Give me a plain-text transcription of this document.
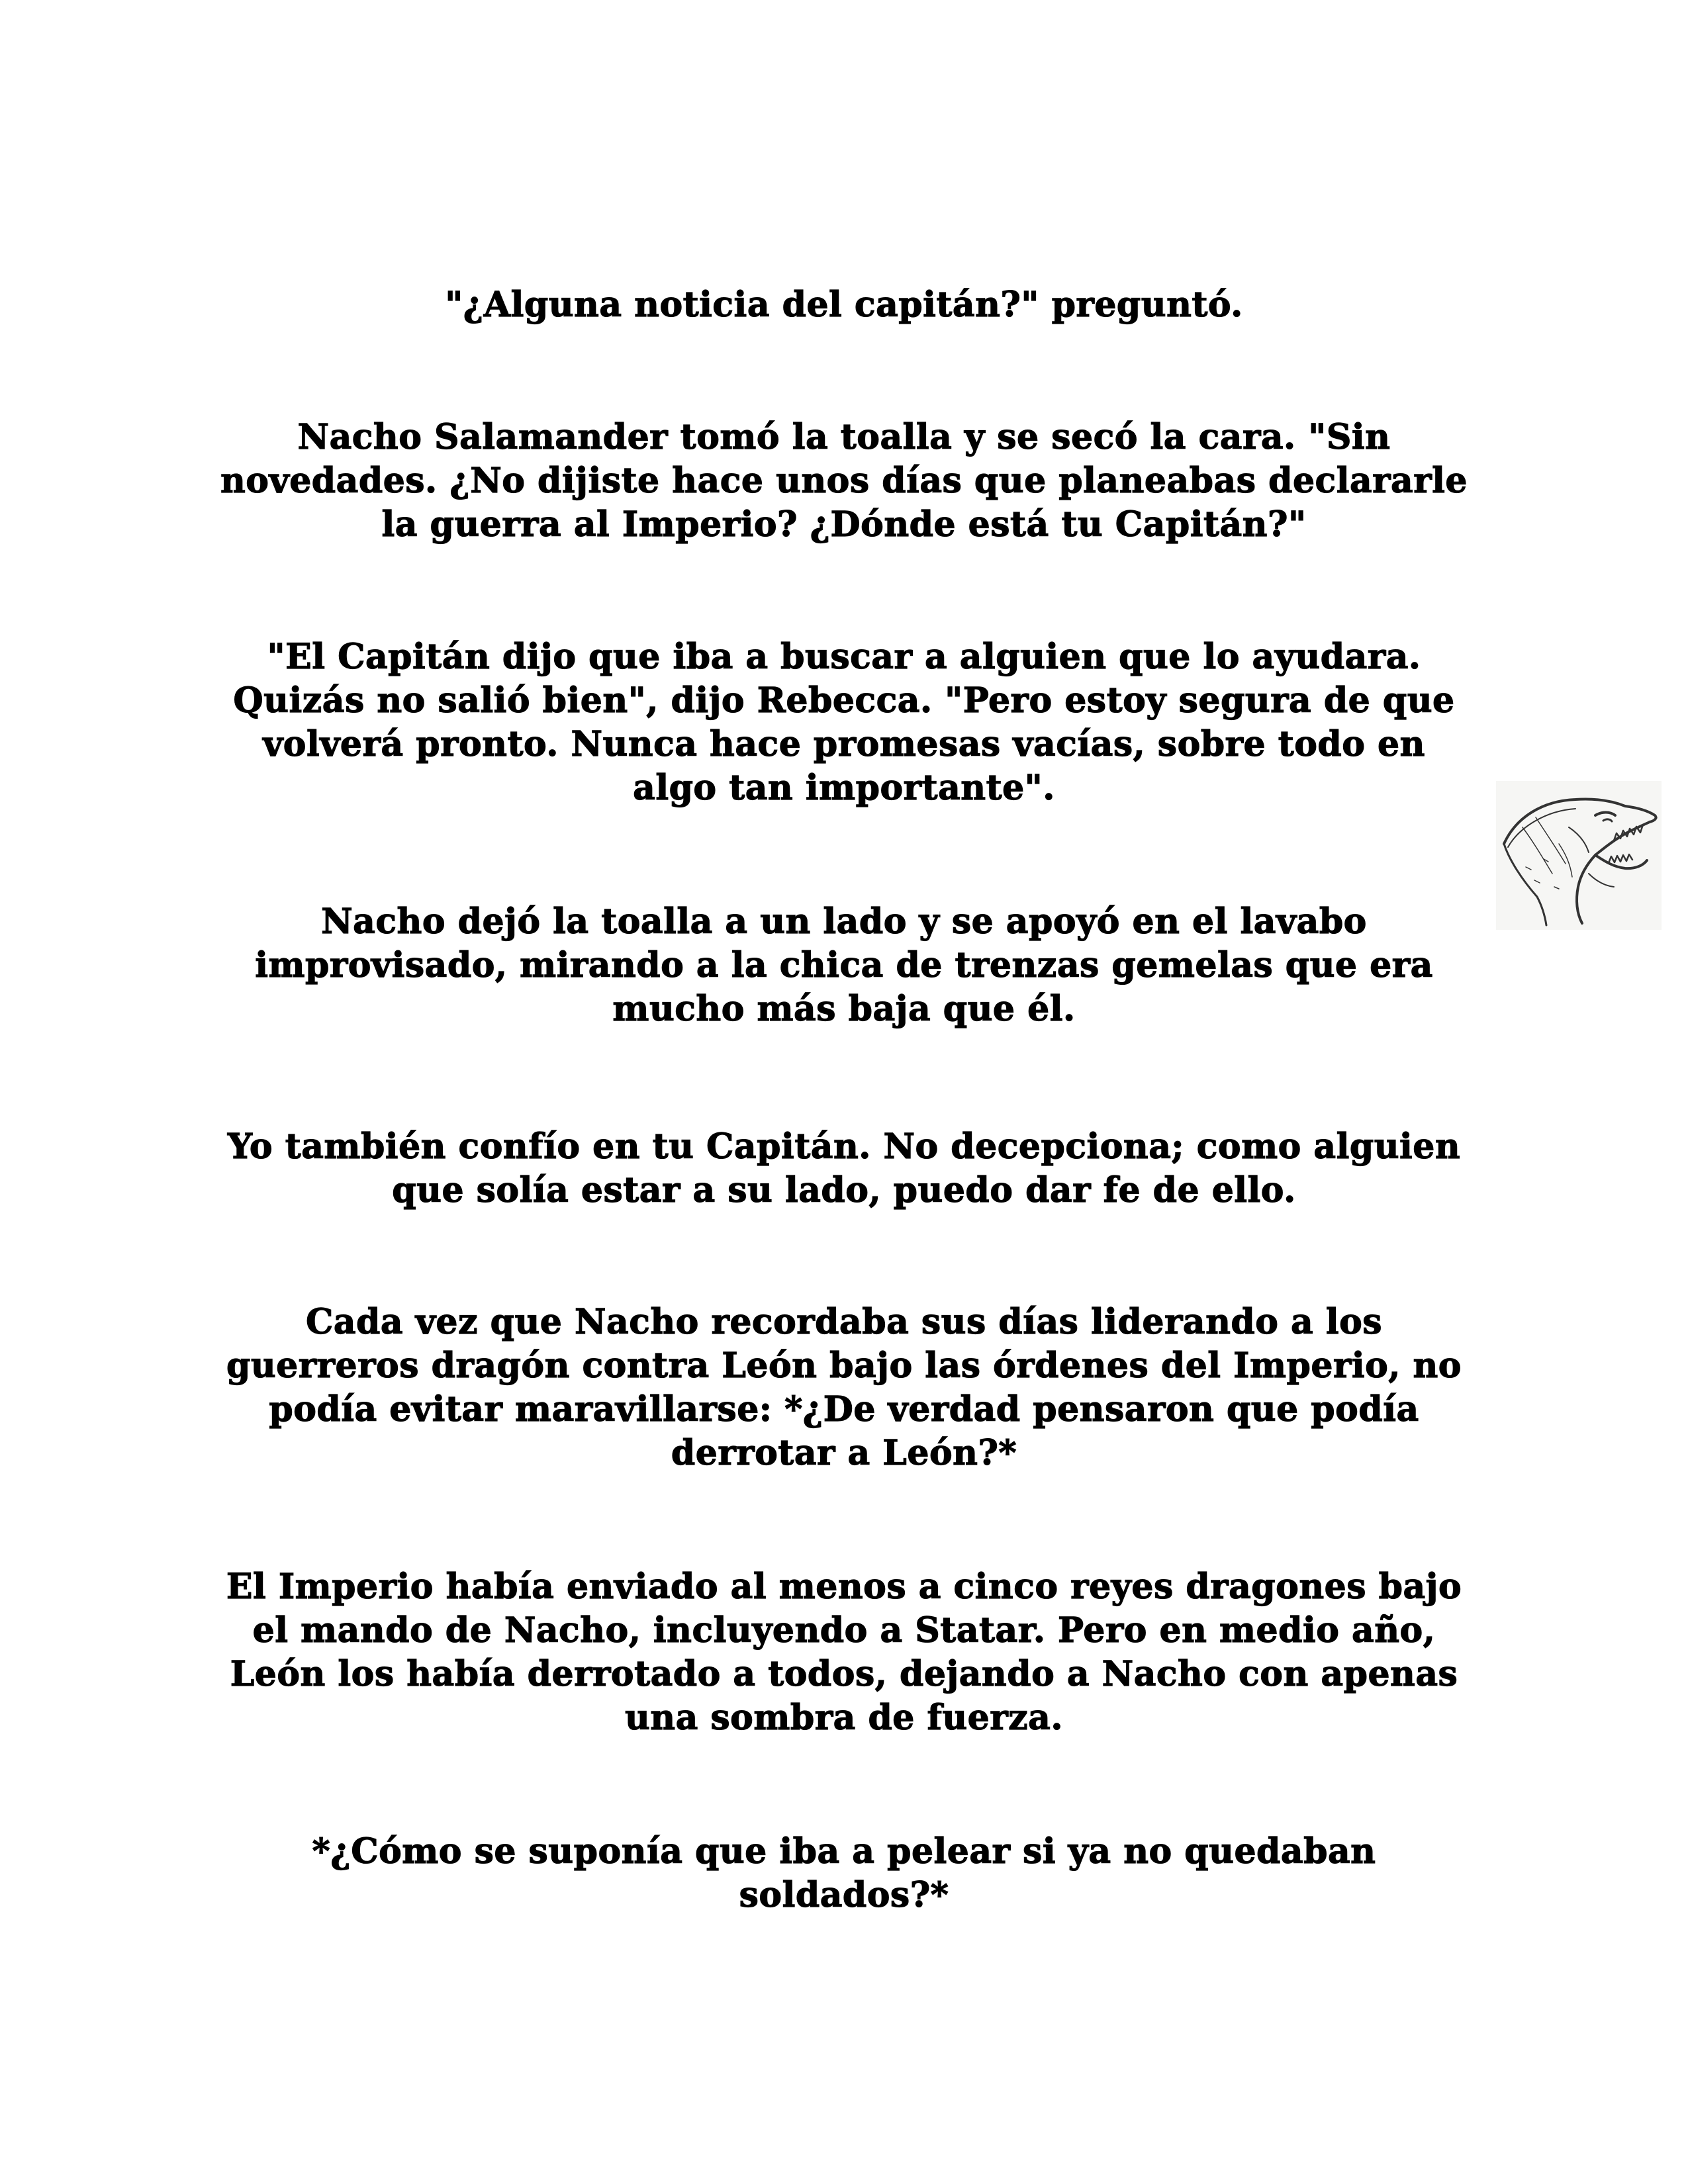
"¿Alguna noticia del capitán?" preguntó.

Nacho Salamander tomó la toalla y se secó la cara. "Sin novedades. ¿No dijiste hace unos días que planeabas declararle la guerra al Imperio? ¿Dónde está tu Capitán?"

"El Capitán dijo que iba a buscar a alguien que lo ayudara. Quizás no salió bien", dijo Rebecca. "Pero estoy segura de que volverá pronto. Nunca hace promesas vacías, sobre todo en algo tan importante".

Nacho dejó la toalla a un lado y se apoyó en el lavabo improvisado, mirando a la chica de trenzas gemelas que era mucho más baja que él.

Yo también confío en tu Capitán. No decepciona; como alguien que solía estar a su lado, puedo dar fe de ello.

Cada vez que Nacho recordaba sus días liderando a los guerreros dragón contra León bajo las órdenes del Imperio, no podía evitar maravillarse: *¿De verdad pensaron que podía derrotar a León?*

El Imperio había enviado al menos a cinco reyes dragones bajo el mando de Nacho, incluyendo a Statar. Pero en medio año, León los había derrotado a todos, dejando a Nacho con apenas una sombra de fuerza.

*¿Cómo se suponía que iba a pelear si ya no quedaban soldados?*
